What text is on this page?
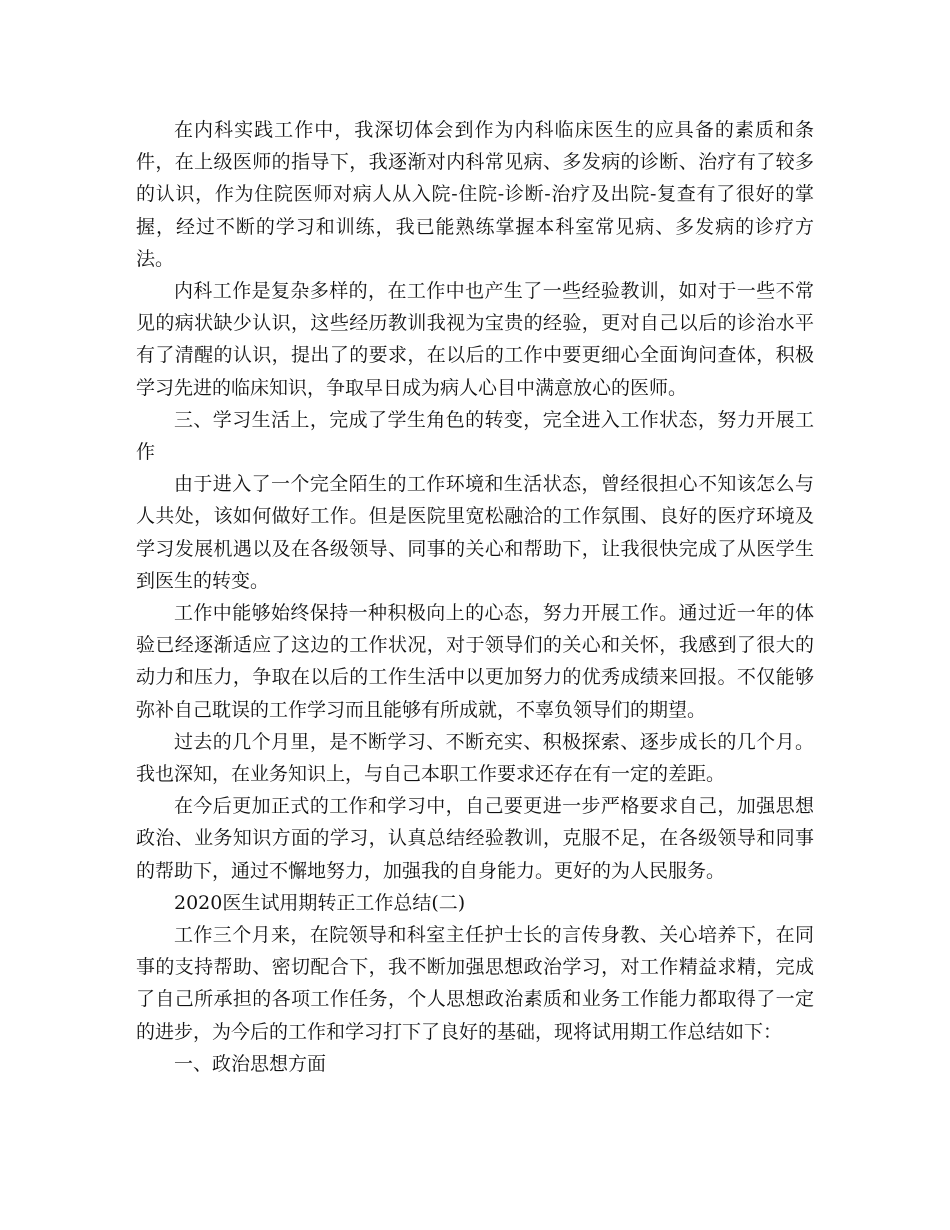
在内科实践工作中，我深切体会到作为内科临床医生的应具备的素质和条件，在上级医师的指导下，我逐渐对内科常见病、多发病的诊断、治疗有了较多的认识，作为住院医师对病人从入院-住院-诊断-治疗及出院-复查有了很好的掌握，经过不断的学习和训练，我已能熟练掌握本科室常见病、多发病的诊疗方法。

内科工作是复杂多样的，在工作中也产生了一些经验教训，如对于一些不常见的病状缺少认识，这些经历教训我视为宝贵的经验，更对自己以后的诊治水平有了清醒的认识，提出了的要求，在以后的工作中要更细心全面询问查体，积极学习先进的临床知识，争取早日成为病人心目中满意放心的医师。

三、学习生活上，完成了学生角色的转变，完全进入工作状态，努力开展工作

由于进入了一个完全陌生的工作环境和生活状态，曾经很担心不知该怎么与人共处，该如何做好工作。但是医院里宽松融洽的工作氛围、良好的医疗环境及学习发展机遇以及在各级领导、同事的关心和帮助下，让我很快完成了从医学生到医生的转变。

工作中能够始终保持一种积极向上的心态，努力开展工作。通过近一年的体验已经逐渐适应了这边的工作状况，对于领导们的关心和关怀，我感到了很大的动力和压力，争取在以后的工作生活中以更加努力的优秀成绩来回报。不仅能够弥补自己耽误的工作学习而且能够有所成就，不辜负领导们的期望。

过去的几个月里，是不断学习、不断充实、积极探索、逐步成长的几个月。我也深知，在业务知识上，与自己本职工作要求还存在有一定的差距。

在今后更加正式的工作和学习中，自己要更进一步严格要求自己，加强思想政治、业务知识方面的学习，认真总结经验教训，克服不足，在各级领导和同事的帮助下，通过不懈地努力，加强我的自身能力。更好的为人民服务。

2020医生试用期转正工作总结(二)

工作三个月来，在院领导和科室主任护士长的言传身教、关心培养下，在同事的支持帮助、密切配合下，我不断加强思想政治学习，对工作精益求精，完成了自己所承担的各项工作任务，个人思想政治素质和业务工作能力都取得了一定的进步，为今后的工作和学习打下了良好的基础，现将试用期工作总结如下：

一、政治思想方面
